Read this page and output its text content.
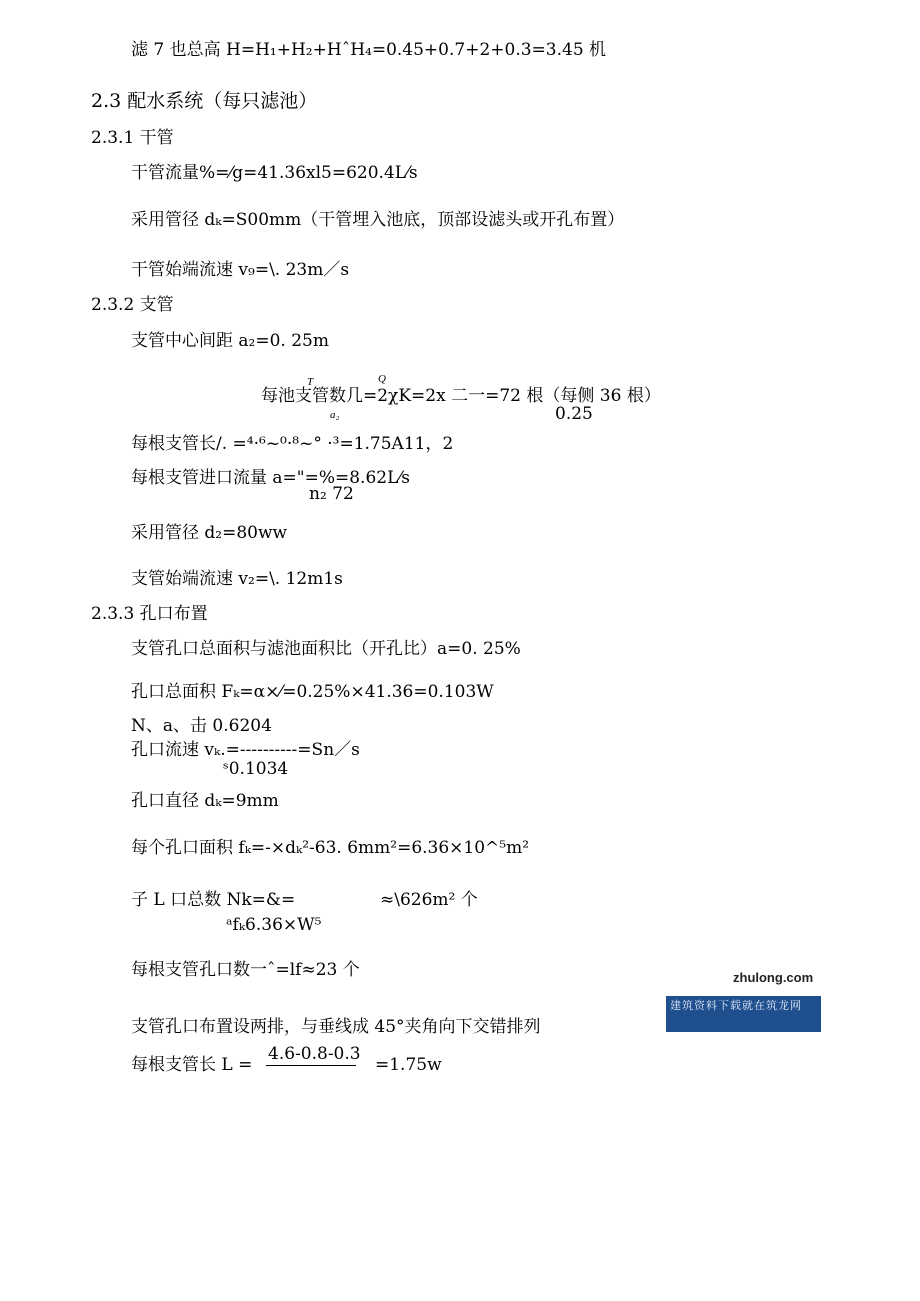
滤 7 也总高 H=H₁+H₂+HˆH₄=0.45+0.7+2+0.3=3.45 机
2.3 配水系统（每只滤池）
2.3.1 干管
干管流量%=⁄g=41.36xl5=620.4L⁄s
采用管径 dₖ=S00mm（干管埋入池底，顶部设滤头或开孔布置）
干管始端流速 v₉=\. 23m／s
2.3.2 支管
支管中心间距 a₂=0. 25m
T	Q
每池支管数几=2χK=2x 二一=72 根（每侧 36 根）
a₂	0.25
每根支管长/. =⁴·⁶~⁰·⁸~° ·³=1.75A11，2
每根支管进口流量 a="=%=8.62L⁄s
n₂ 72
采用管径 d₂=80ww
支管始端流速 v₂=\. 12m1s
2.3.3 孔口布置
支管孔口总面积与滤池面积比（开孔比）a=0. 25%
孔口总面积 Fₖ=α×⁄=0.25%×41.36=0.103W
N、a、击 0.6204
孔口流速 vₖ.=----------=Sn／s
ˢ0.1034
孔口直径 dₖ=9mm
每个孔口面积 fₖ=-×dₖ²-63. 6mm²=6.36×10^⁵m²
子 L 口总数 Nk=&=	≈\626m² 个
ᵃfₖ6.36×W⁵
每根支管孔口数一ˆ=lf≈23 个
支管孔口布置设两排，与垂线成 45°夹角向下交错排列
每根支管长 L =
4.6-0.8-0.3
=1.75w
zhulong.com
建筑资料下载就在筑龙网
